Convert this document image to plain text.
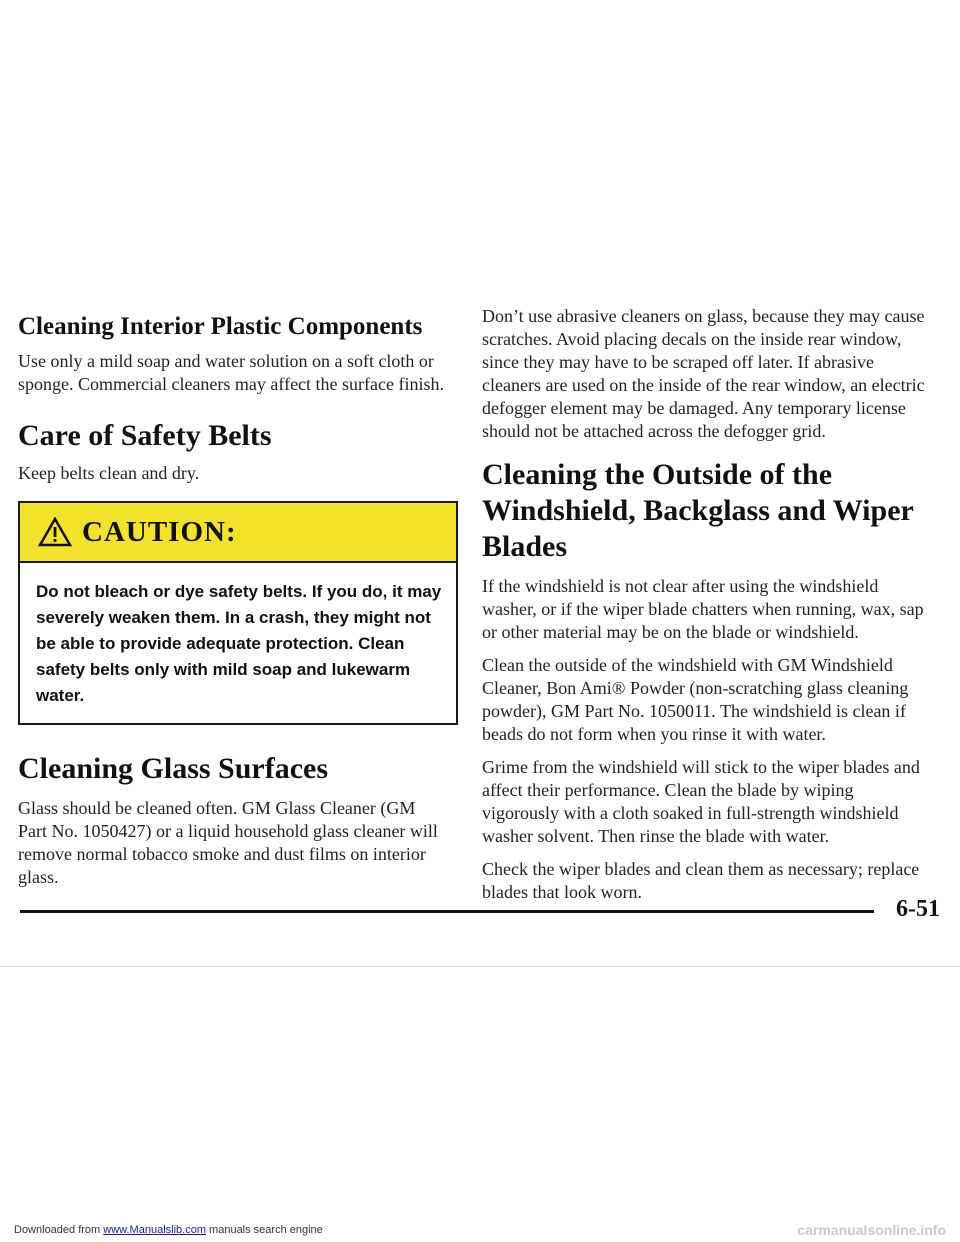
Cleaning Interior Plastic Components

Use only a mild soap and water solution on a soft cloth or sponge. Commercial cleaners may affect the surface finish.

Care of Safety Belts

Keep belts clean and dry.

CAUTION:
Do not bleach or dye safety belts. If you do, it may severely weaken them. In a crash, they might not be able to provide adequate protection. Clean safety belts only with mild soap and lukewarm water.
Cleaning Glass Surfaces

Glass should be cleaned often. GM Glass Cleaner (GM Part No. 1050427) or a liquid household glass cleaner will remove normal tobacco smoke and dust films on interior glass.

Don’t use abrasive cleaners on glass, because they may cause scratches. Avoid placing decals on the inside rear window, since they may have to be scraped off later. If abrasive cleaners are used on the inside of the rear window, an electric defogger element may be damaged. Any temporary license should not be attached across the defogger grid.

Cleaning the Outside of the Windshield, Backglass and Wiper Blades

If the windshield is not clear after using the windshield washer, or if the wiper blade chatters when running, wax, sap or other material may be on the blade or windshield.

Clean the outside of the windshield with GM Windshield Cleaner, Bon Ami® Powder (non-scratching glass cleaning powder), GM Part No. 1050011. The windshield is clean if beads do not form when you rinse it with water.

Grime from the windshield will stick to the wiper blades and affect their performance. Clean the blade by wiping vigorously with a cloth soaked in full-strength windshield washer solvent. Then rinse the blade with water.

Check the wiper blades and clean them as necessary; replace blades that look worn.

6-51
Downloaded from www.Manualslib.com manuals search engine	carmanualsonline.info
